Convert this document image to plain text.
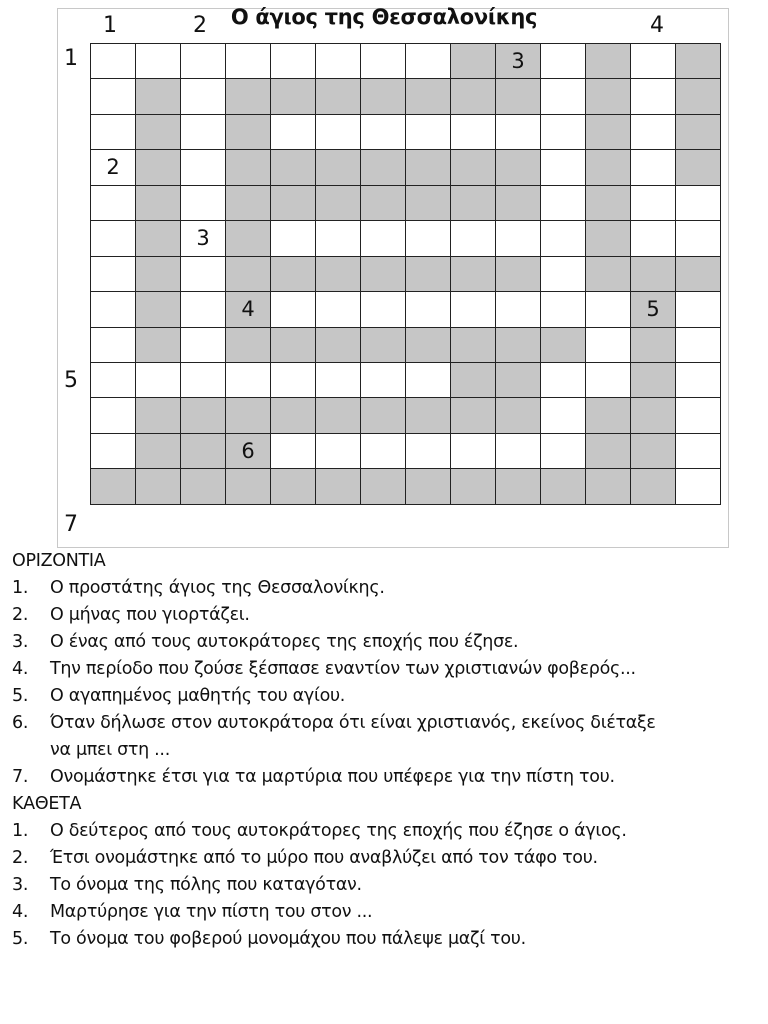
Ο άγιος της Θεσσαλονίκης
1	2	4
1
5
7
3
2
3
4	5
6
ΟΡΙΖΟΝΤΙΑ
1.	Ο προστάτης άγιος της Θεσσαλονίκης.
2.	Ο μήνας που γιορτάζει.
3.	Ο ένας από τους αυτοκράτορες της εποχής που έζησε.
4.	Την περίοδο που ζούσε ξέσπασε εναντίον των χριστιανών φοβερός...
5.	Ο αγαπημένος μαθητής του αγίου.
6.	Όταν δήλωσε στον αυτοκράτορα ότι είναι χριστιανός, εκείνος διέταξε
να μπει στη ...
7.	Ονομάστηκε έτσι για τα μαρτύρια που υπέφερε για την πίστη του.
ΚΑΘΕΤΑ
1.	Ο δεύτερος από τους αυτοκράτορες της εποχής που έζησε ο άγιος.
2.	Έτσι ονομάστηκε από το μύρο που αναβλύζει από τον τάφο του.
3.	Το όνομα της πόλης που καταγόταν.
4.	Μαρτύρησε για την πίστη του στον ...
5.	Το όνομα του φοβερού μονομάχου που πάλεψε μαζί του.
